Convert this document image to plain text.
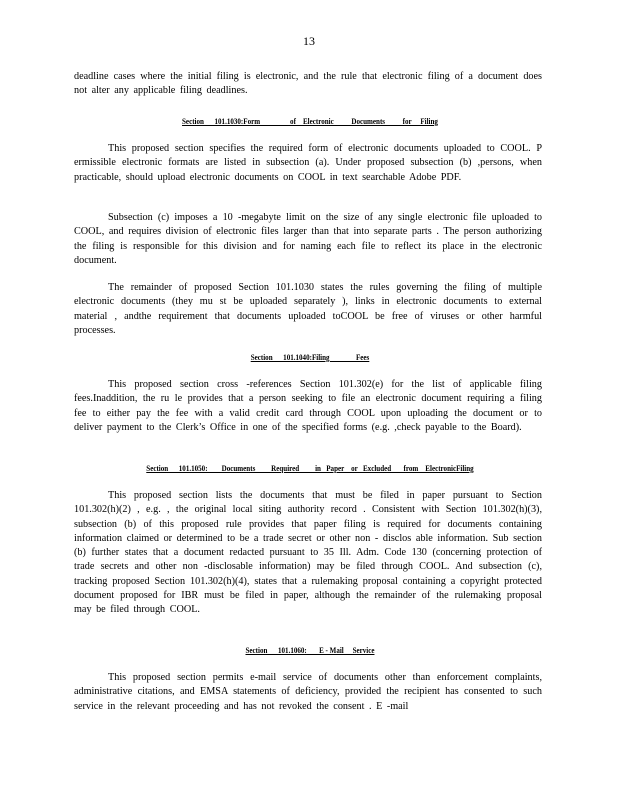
13
deadline cases where the initial filing is electronic, and the rule that electronic filing of a document does not alter any applicable filing deadlines.
Section      101.1030:Form                 of    Electronic          Documents          for     Filing
This proposed section specifies the required form of electronic documents uploaded to COOL. P ermissible electronic formats are listed in subsection (a). Under proposed subsection (b) ,persons, when practicable, should upload electronic documents on COOL in text searchable Adobe PDF.
Subsection (c) imposes a 10 -megabyte limit on the size of any single electronic file uploaded to COOL, and requires division of electronic files larger than that into separate parts . The person authorizing the filing is responsible for this division and for naming each file to reflect its place in the electronic document.
The remainder of proposed Section 101.1030 states the rules governing the filing of multiple electronic documents (they mu st be uploaded separately ), links in electronic documents to external material , andthe requirement that documents uploaded toCOOL be free of viruses or other harmful processes.
Section      101.1040:Filing               Fees
This proposed section cross -references Section 101.302(e) for the list of applicable filing fees.Inaddition, the ru le provides that a person seeking to file an electronic document requiring a filing fee to either pay the fee with a valid credit card through COOL upon uploading the document or to deliver payment to the Clerk’s Office in one of the specified forms (e.g. ,check payable to the Board).
Section      101.1050:        Documents         Required         in   Paper    or   Excluded       from    ElectronicFiling
This proposed section lists the documents that must be filed in paper pursuant to Section 101.302(h)(2) , e.g. , the original local siting authority record . Consistent with Section 101.302(h)(3), subsection (b) of this proposed rule provides that paper filing is required for documents containing information claimed or determined to be a trade secret or other non - disclos able information. Sub section (b) further states that a document redacted pursuant to 35 Ill. Adm. Code 130 (concerning protection of trade secrets and other non -disclosable information) may be filed through COOL. And subsection (c), tracking proposed Section 101.302(h)(4), states that a rulemaking proposal containing a copyright protected document proposed for IBR must be filed in paper, although the remainder of the rulemaking proposal may be filed through COOL.
Section      101.1060:       E - Mail     Service
This proposed section permits e-mail service of documents other than enforcement complaints, administrative citations, and EMSA statements of deficiency, provided the recipient has consented to such service in the relevant proceeding and has not revoked the consent . E -mail
